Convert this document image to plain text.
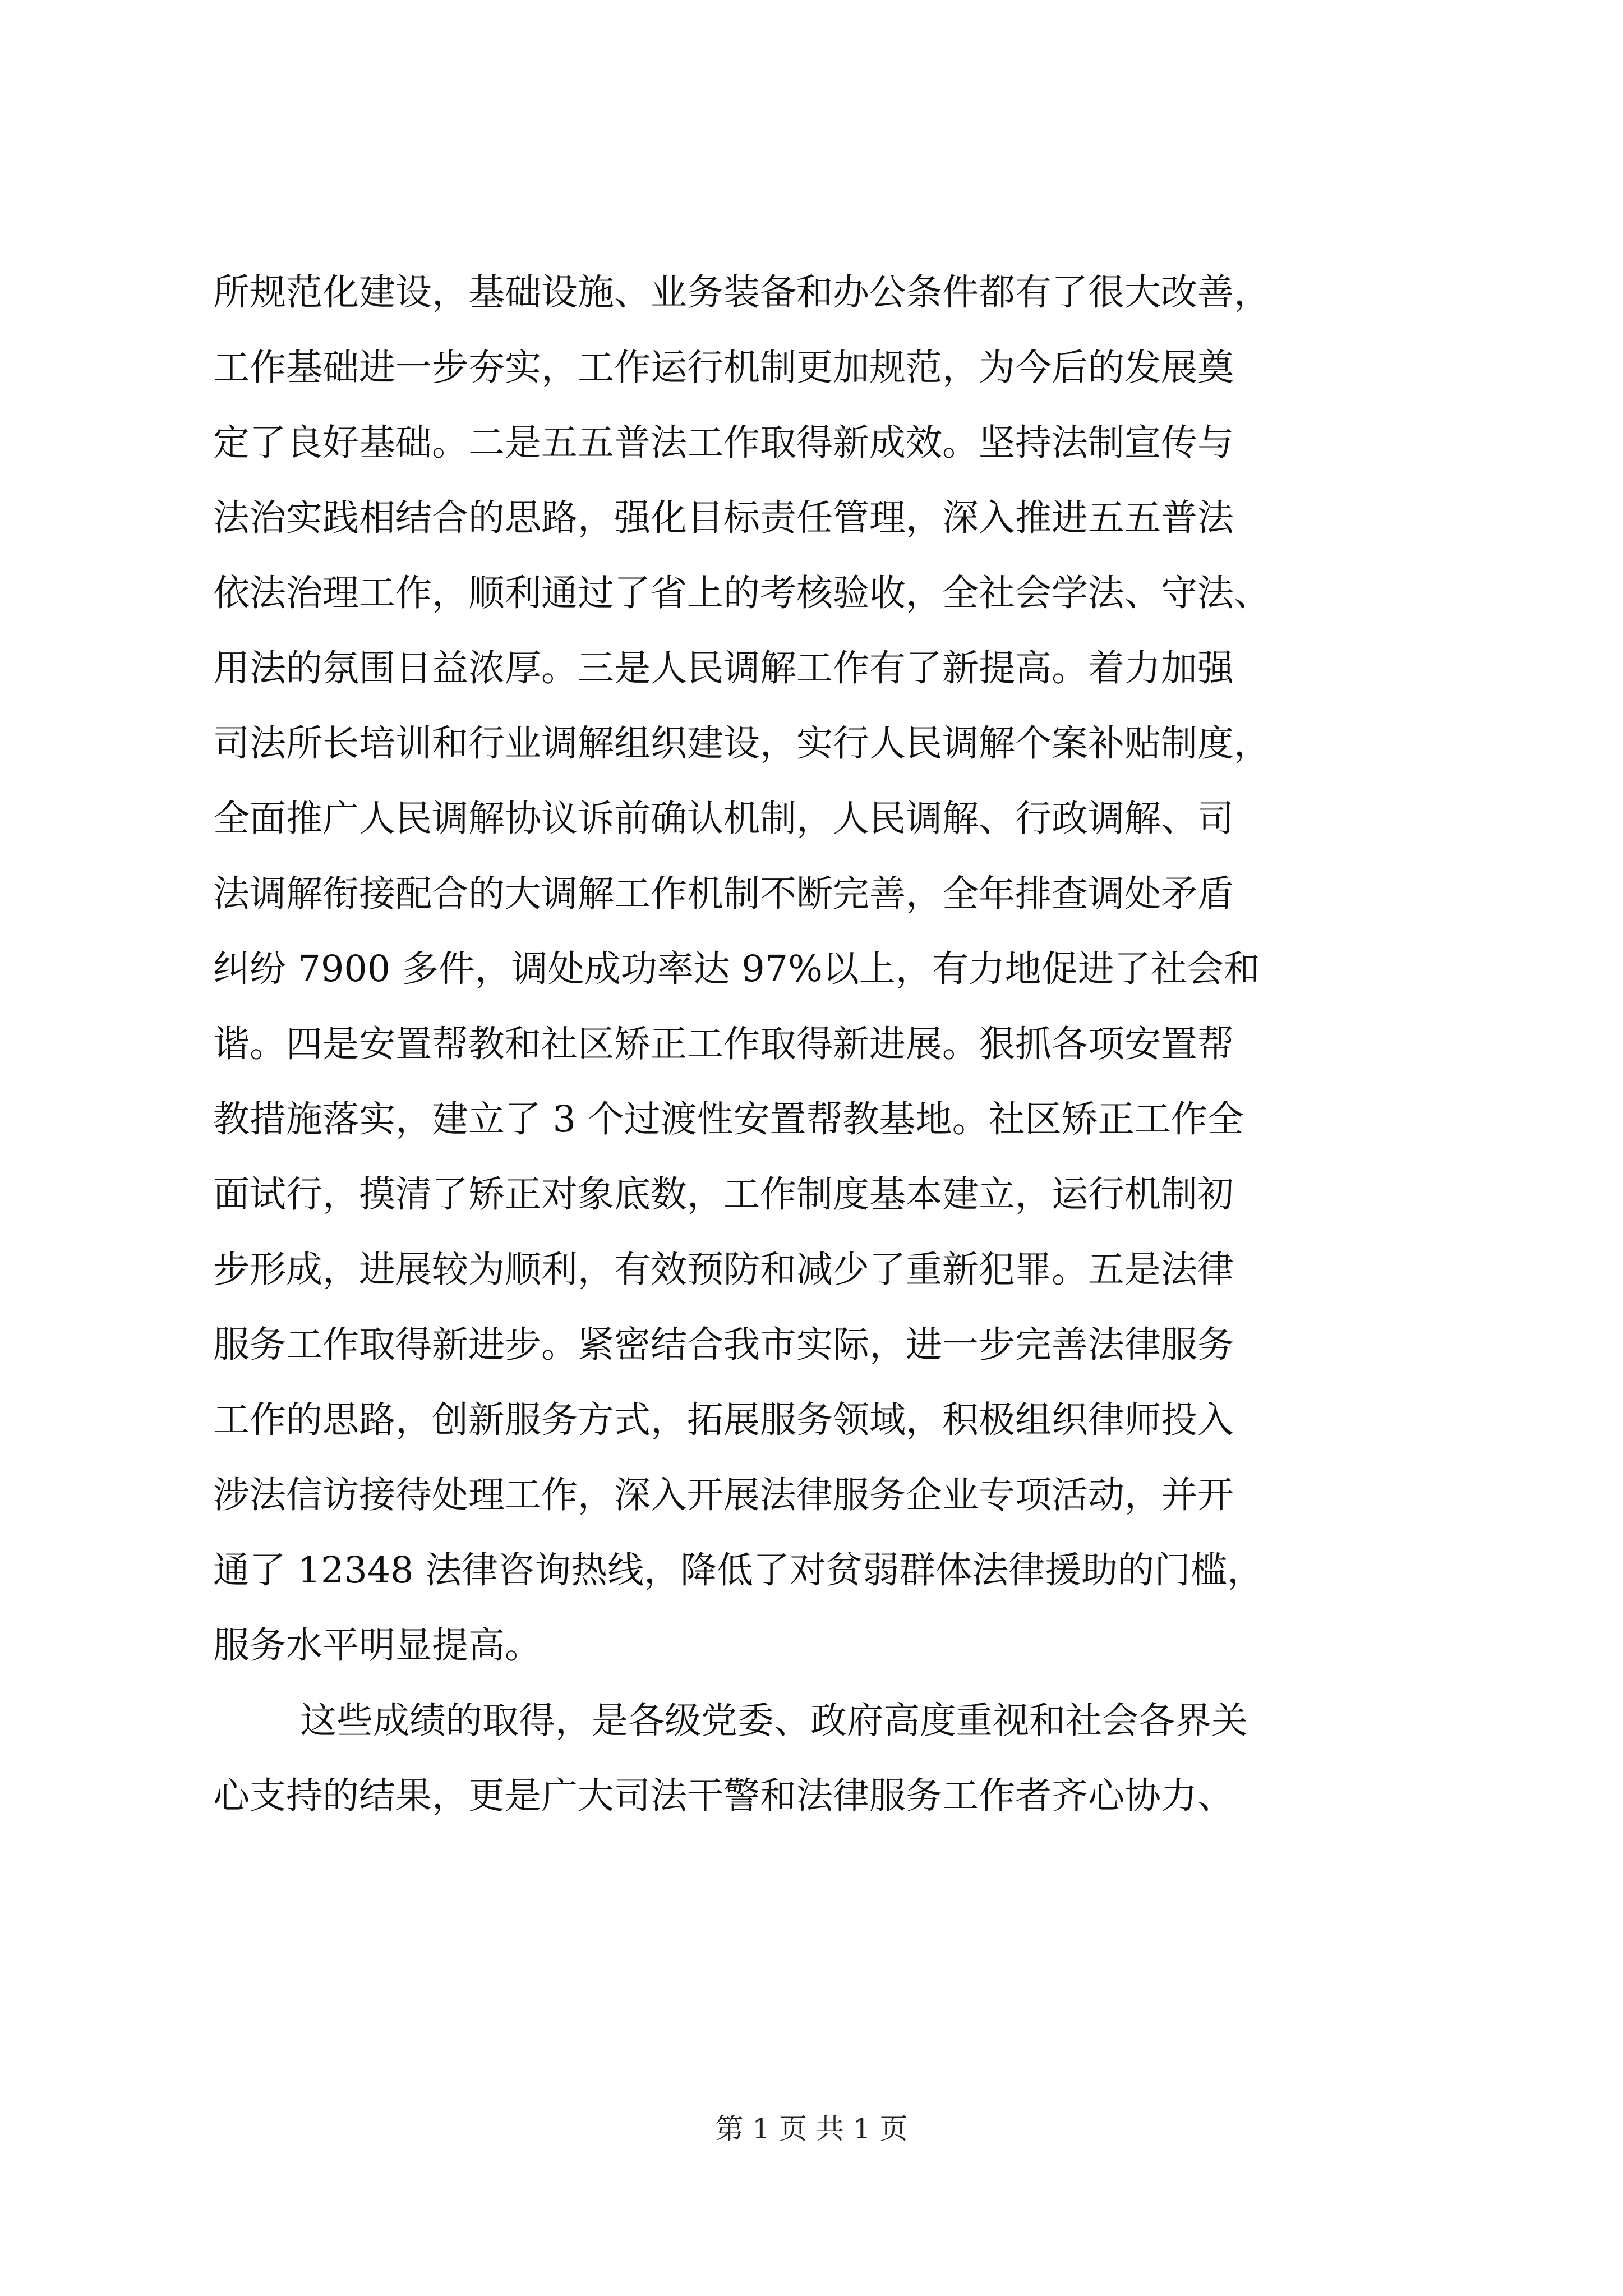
所规范化建设，基础设施、业务装备和办公条件都有了很大改善，
工作基础进一步夯实，工作运行机制更加规范，为今后的发展奠
定了良好基础。二是五五普法工作取得新成效。坚持法制宣传与
法治实践相结合的思路，强化目标责任管理，深入推进五五普法
依法治理工作，顺利通过了省上的考核验收，全社会学法、守法、
用法的氛围日益浓厚。三是人民调解工作有了新提高。着力加强
司法所长培训和行业调解组织建设，实行人民调解个案补贴制度，
全面推广人民调解协议诉前确认机制，人民调解、行政调解、司
法调解衔接配合的大调解工作机制不断完善，全年排查调处矛盾
纠纷 7900 多件，调处成功率达 97%以上，有力地促进了社会和
谐。四是安置帮教和社区矫正工作取得新进展。狠抓各项安置帮
教措施落实，建立了 3 个过渡性安置帮教基地。社区矫正工作全
面试行，摸清了矫正对象底数，工作制度基本建立，运行机制初
步形成，进展较为顺利，有效预防和减少了重新犯罪。五是法律
服务工作取得新进步。紧密结合我市实际，进一步完善法律服务
工作的思路，创新服务方式，拓展服务领域，积极组织律师投入
涉法信访接待处理工作，深入开展法律服务企业专项活动，并开
通了 12348 法律咨询热线，降低了对贫弱群体法律援助的门槛，
服务水平明显提高。
这些成绩的取得，是各级党委、政府高度重视和社会各界关
心支持的结果，更是广大司法干警和法律服务工作者齐心协力、
第 1 页 共 1 页
